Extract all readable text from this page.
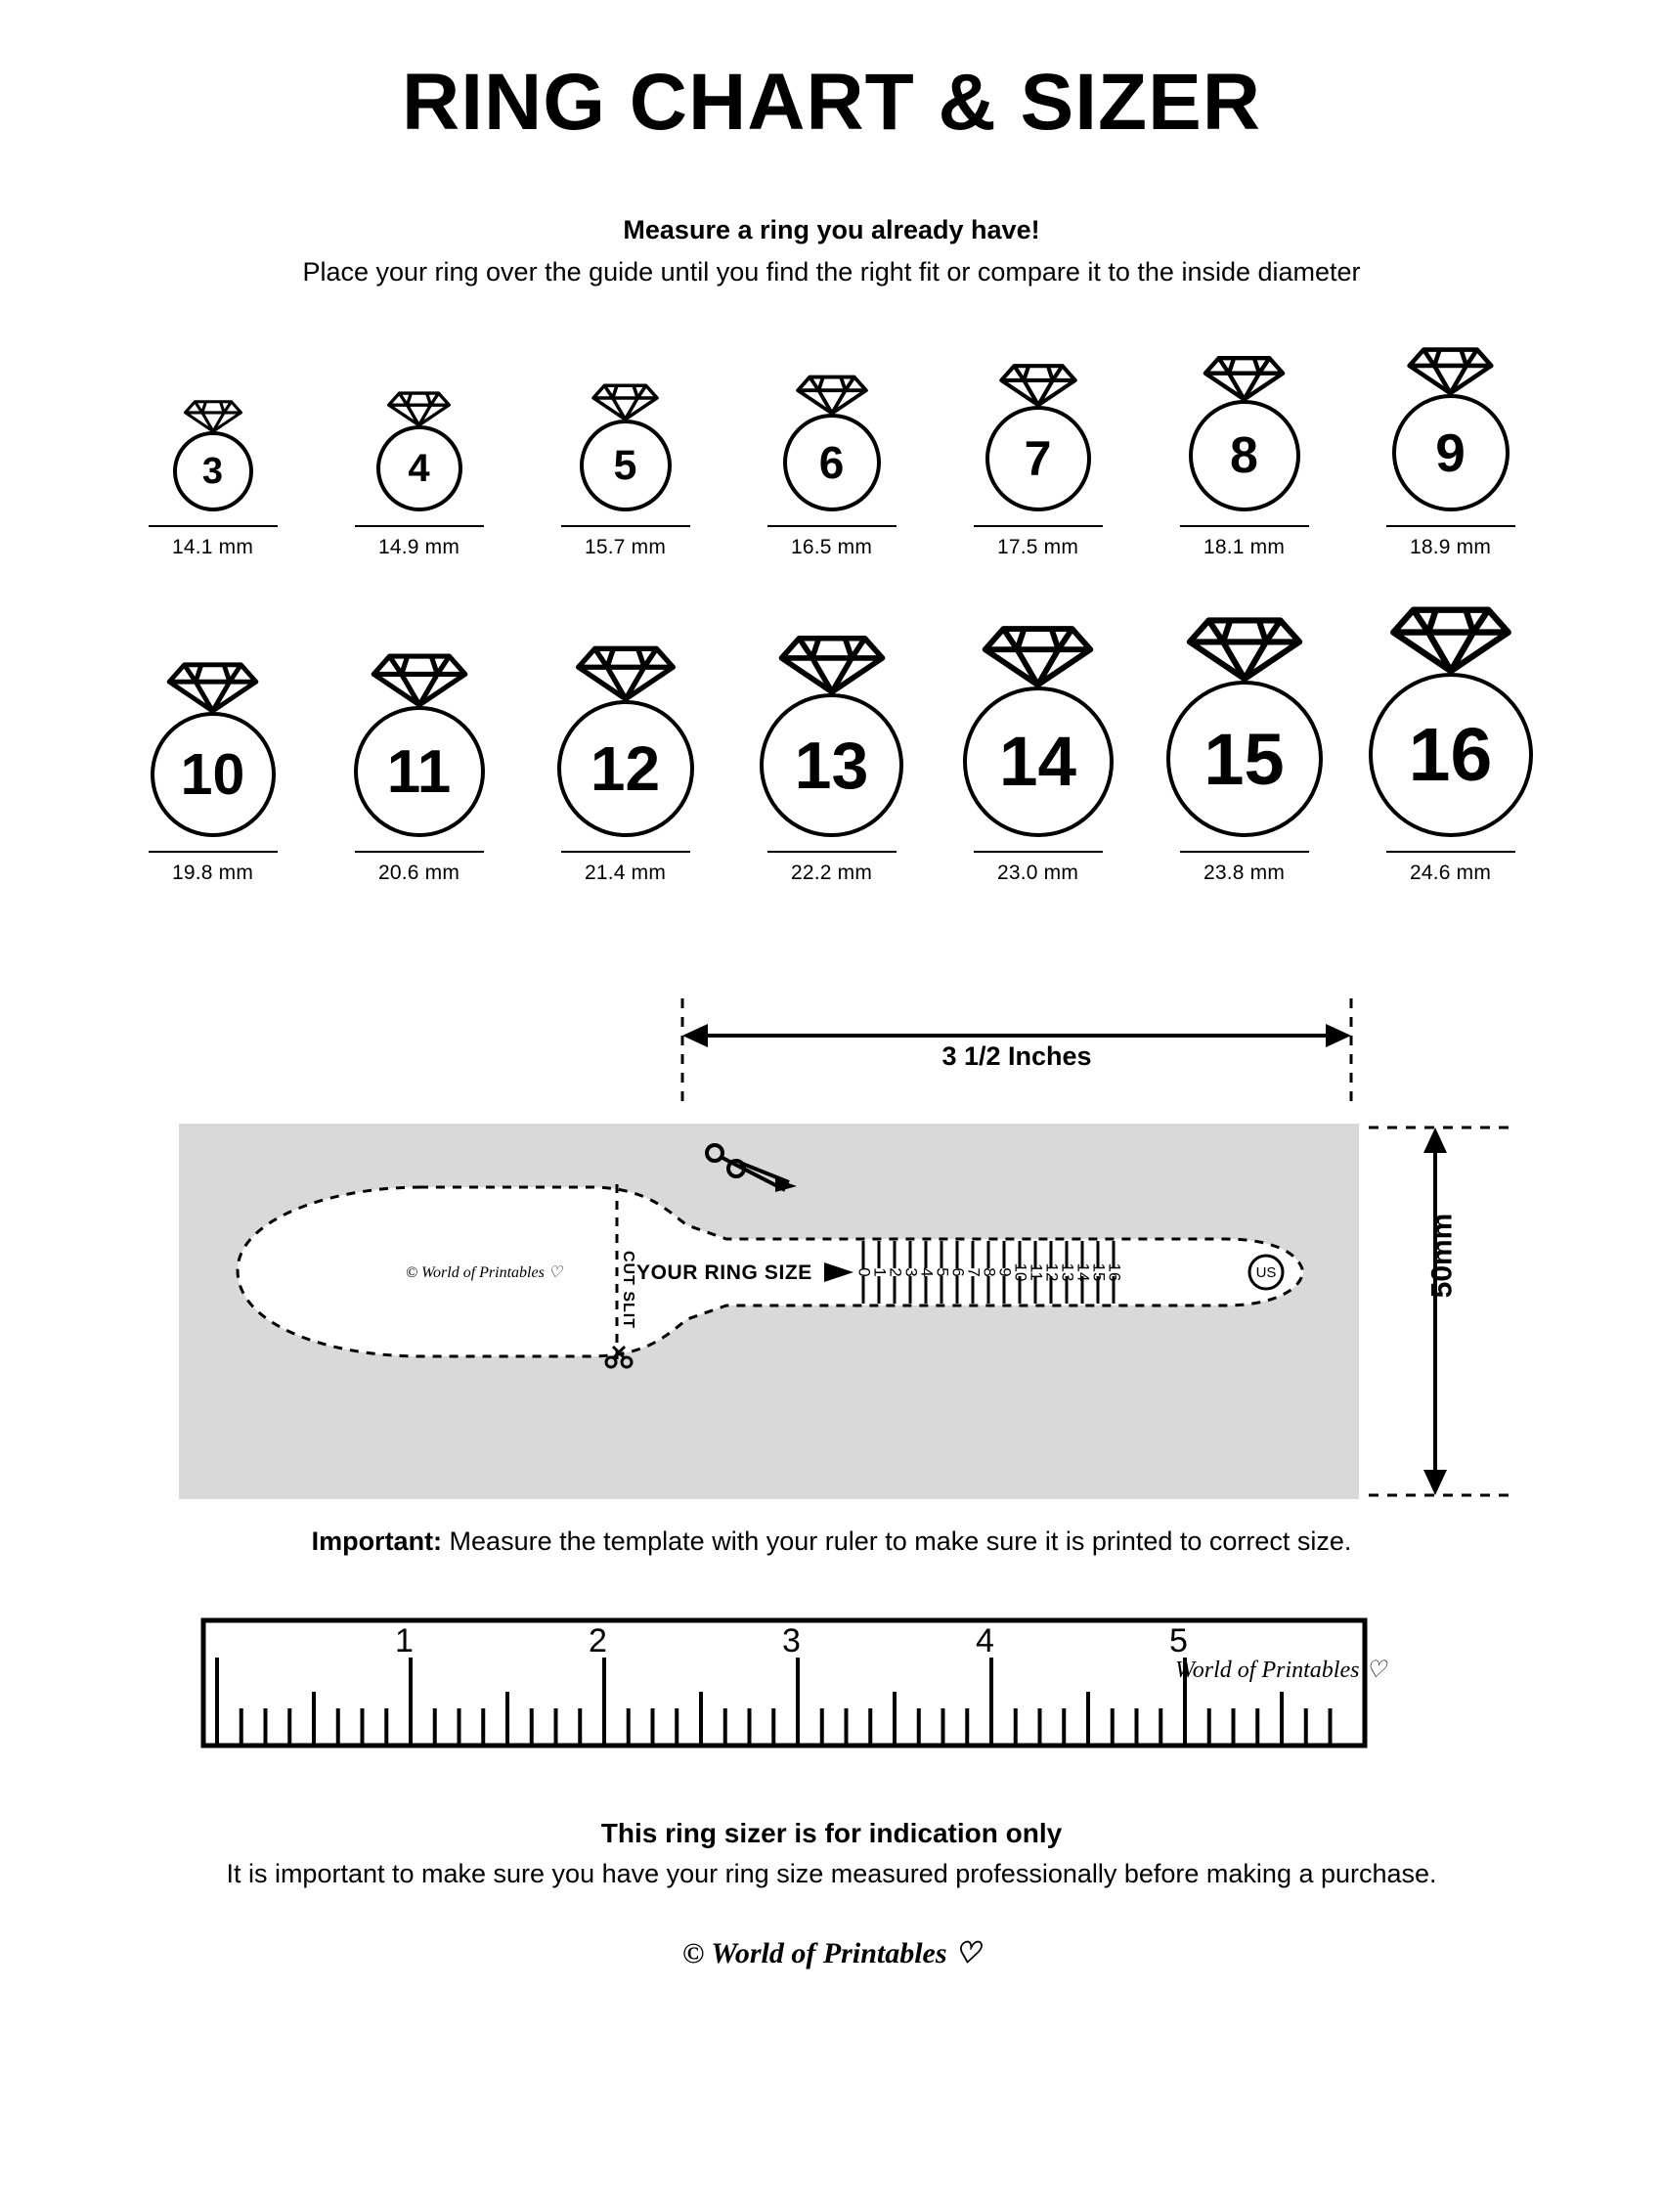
RING CHART & SIZER
Measure a ring you already have!
Place your ring over the guide until you find the right fit or compare it to the inside diameter
3
14.1 mm
4
14.9 mm
5
15.7 mm
6
16.5 mm
7
17.5 mm
8
18.1 mm
9
18.9 mm
10
19.8 mm
11
20.6 mm
12
21.4 mm
13
22.2 mm
14
23.0 mm
15
23.8 mm
16
24.6 mm
3 1/2 Inches
US
0
1
2
3
4
5
6
7
8
9
10
11
12
13
14
15
16
© World of Printables ♡	YOUR RING SIZE
CUT SLIT	50mm
Important: Measure the template with your ruler to make sure it is printed to correct size.
1	2	3	4	5
World of Printables ♡
This ring sizer is for indication only
It is important to make sure you have your ring size measured professionally before making a purchase.
© World of Printables ♡
